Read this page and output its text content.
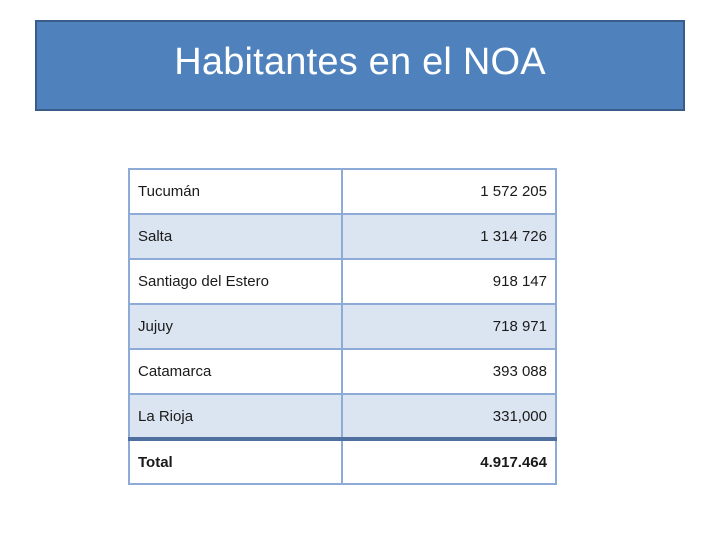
Habitantes en el NOA
Tucumán	1 572 205
Salta	1 314 726
Santiago del Estero	918 147
Jujuy	718 971
Catamarca	393 088
La Rioja	331,000
Total	4.917.464
